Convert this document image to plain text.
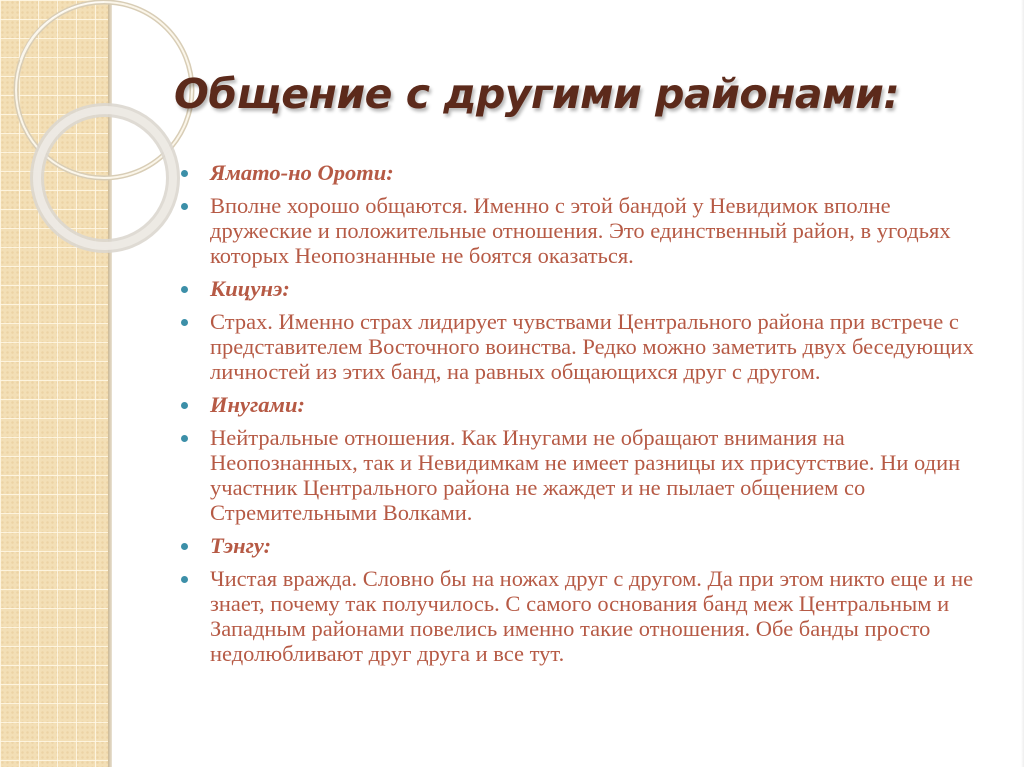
Общение с другими районами:
Ямато-но Ороти:
Вполне хорошо общаются. Именно с этой бандой у Невидимок вполне дружеские и положительные отношения. Это единственный район, в угодьях которых Неопознанные не боятся оказаться.
Кицунэ:
Страх. Именно страх лидирует чувствами Центрального района при встрече с представителем Восточного воинства. Редко можно заметить двух беседующих личностей из этих банд, на равных общающихся друг с другом.
Инугами:
Нейтральные отношения. Как Инугами не обращают внимания на Неопознанных, так и Невидимкам не имеет разницы их присутствие. Ни один участник Центрального района не жаждет и не пылает общением со Стремительными Волками.
Тэнгу:
Чистая вражда. Словно бы на ножах друг с другом. Да при этом никто еще и не знает, почему так получилось. С самого основания банд меж Центральным и Западным районами повелись именно такие отношения. Обе банды просто недолюбливают друг друга и все тут.
